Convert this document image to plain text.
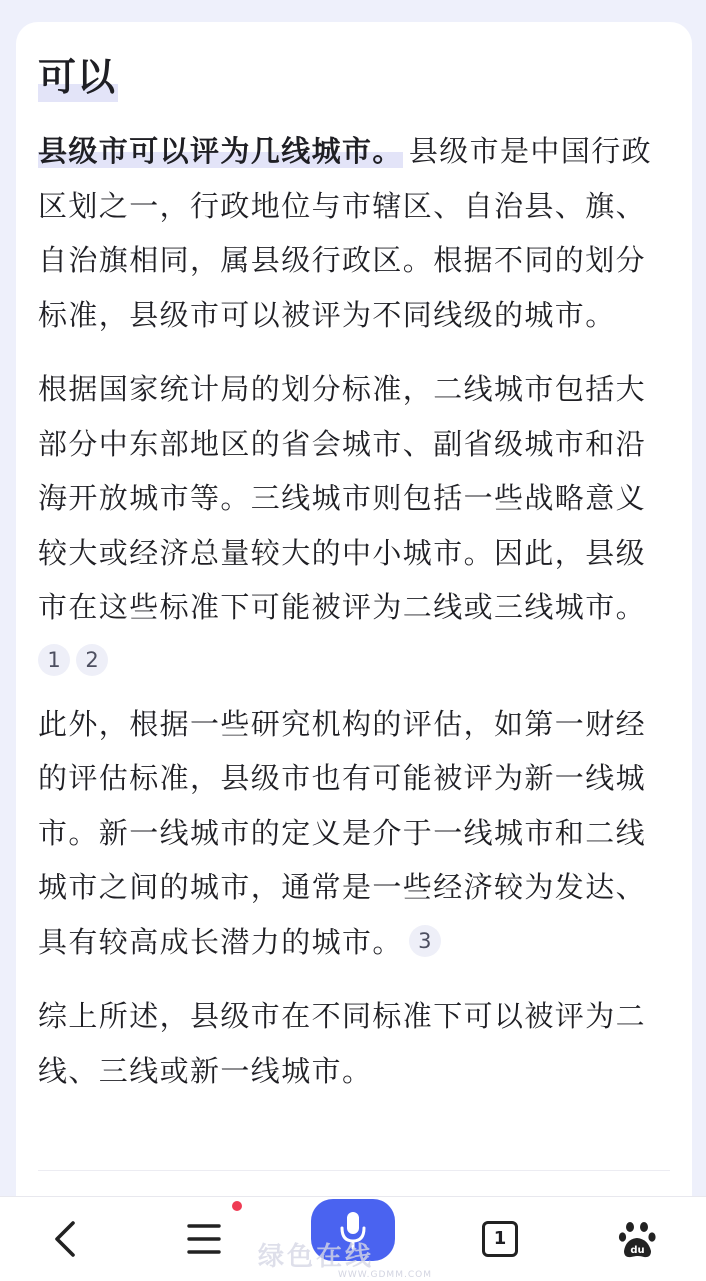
可以

县级市可以评为几线城市。 县级市是中国行政区划之一，行政地位与市辖区、自治县、旗、自治旗相同，属县级行政区。根据不同的划分标准，县级市可以被评为不同线级的城市。

根据国家统计局的划分标准，二线城市包括大部分中东部地区的省会城市、副省级城市和沿海开放城市等。三线城市则包括一些战略意义较大或经济总量较大的中小城市。因此，县级市在这些标准下可能被评为二线或三线城市。

1	2

此外，根据一些研究机构的评估，如第一财经的评估标准，县级市也有可能被评为新一线城市。新一线城市的定义是介于一线城市和二线城市之间的城市，通常是一些经济较为发达、具有较高成长潜力的城市。 3

综上所述，县级市在不同标准下可以被评为二线、三线或新一线城市。

1
du
绿色在线
WWW.GDMM.COM
